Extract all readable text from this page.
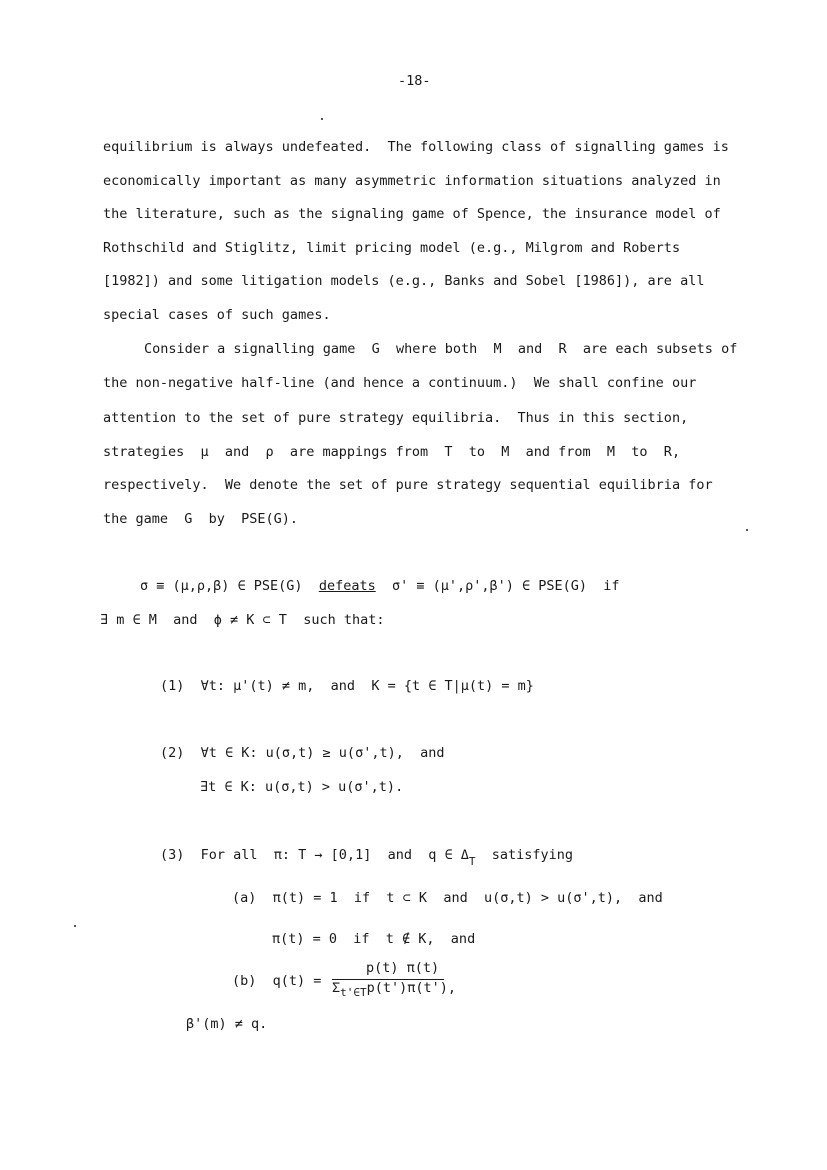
-18-
equilibrium is always undefeated.  The following class of signalling games is
economically important as many asymmetric information situations analyzed in
the literature, such as the signaling game of Spence, the insurance model of
Rothschild and Stiglitz, limit pricing model (e.g., Milgrom and Roberts
[1982]) and some litigation models (e.g., Banks and Sobel [1986]), are all
special cases of such games.
Consider a signalling game  G  where both  M  and  R  are each subsets of
the non-negative half-line (and hence a continuum.)  We shall confine our
attention to the set of pure strategy equilibria.  Thus in this section,
strategies  μ  and  ρ  are mappings from  T  to  M  and from  M  to  R,
respectively.  We denote the set of pure strategy sequential equilibria for
the game  G  by  PSE(G).
σ ≡ (μ,ρ,β) ∈ PSE(G)  defeats  σ' ≡ (μ',ρ',β') ∈ PSE(G)  if
∃ m ∈ M  and  ϕ ≠ K ⊂ T  such that:
(1)  ∀t: μ'(t) ≠ m,  and  K = {t ∈ T|μ(t) = m}
(2)  ∀t ∈ K: u(σ,t) ≥ u(σ',t),  and
∃t ∈ K: u(σ,t) > u(σ',t).
(3)  For all  π: T → [0,1]  and  q ∈ $\Delta_T$  satisfying
(a)  π(t) = 1  if  t ⊂ K  and  u(σ,t) > u(σ',t),  and
π(t) = 0  if  t ∉ K,  and
(b)  q(t) =
p(t) π(t)
$\Sigma_{t'\in T}p(t')\pi(t')$,
β'(m) ≠ q.
